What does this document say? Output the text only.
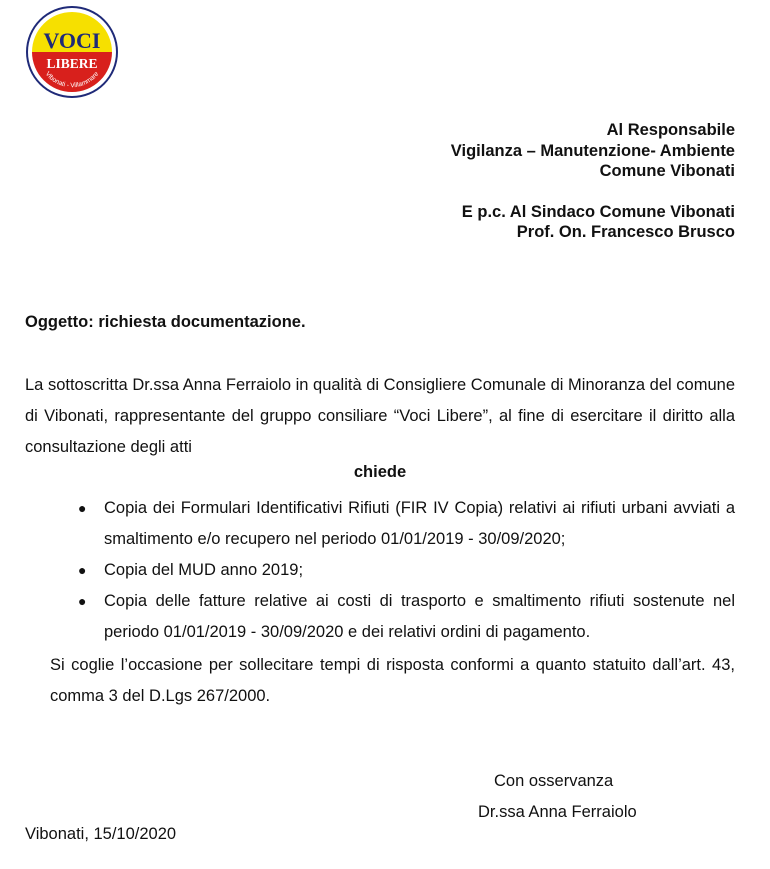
VOCI
LIBERE
Vibonati - Villammare
Al Responsabile
Vigilanza – Manutenzione- Ambiente
Comune Vibonati
E p.c. Al Sindaco Comune Vibonati
Prof. On. Francesco Brusco
Oggetto: richiesta documentazione.
La sottoscritta Dr.ssa Anna Ferraiolo in qualità di Consigliere Comunale di Minoranza del comune di Vibonati, rappresentante del gruppo consiliare “Voci Libere”, al fine di esercitare il diritto alla consultazione degli atti
chiede
● Copia dei Formulari Identificativi Rifiuti (FIR IV Copia) relativi ai rifiuti urbani avviati a smaltimento e/o recupero nel periodo 01/01/2019 - 30/09/2020;
● Copia del MUD anno 2019;
● Copia delle fatture relative ai costi di trasporto e smaltimento rifiuti sostenute nel periodo 01/01/2019 - 30/09/2020 e dei relativi ordini di pagamento.
Si coglie l’occasione per sollecitare tempi di risposta conformi a quanto statuito dall’art. 43, comma 3 del D.Lgs 267/2000.
Con osservanza
Dr.ssa Anna Ferraiolo
Vibonati, 15/10/2020
